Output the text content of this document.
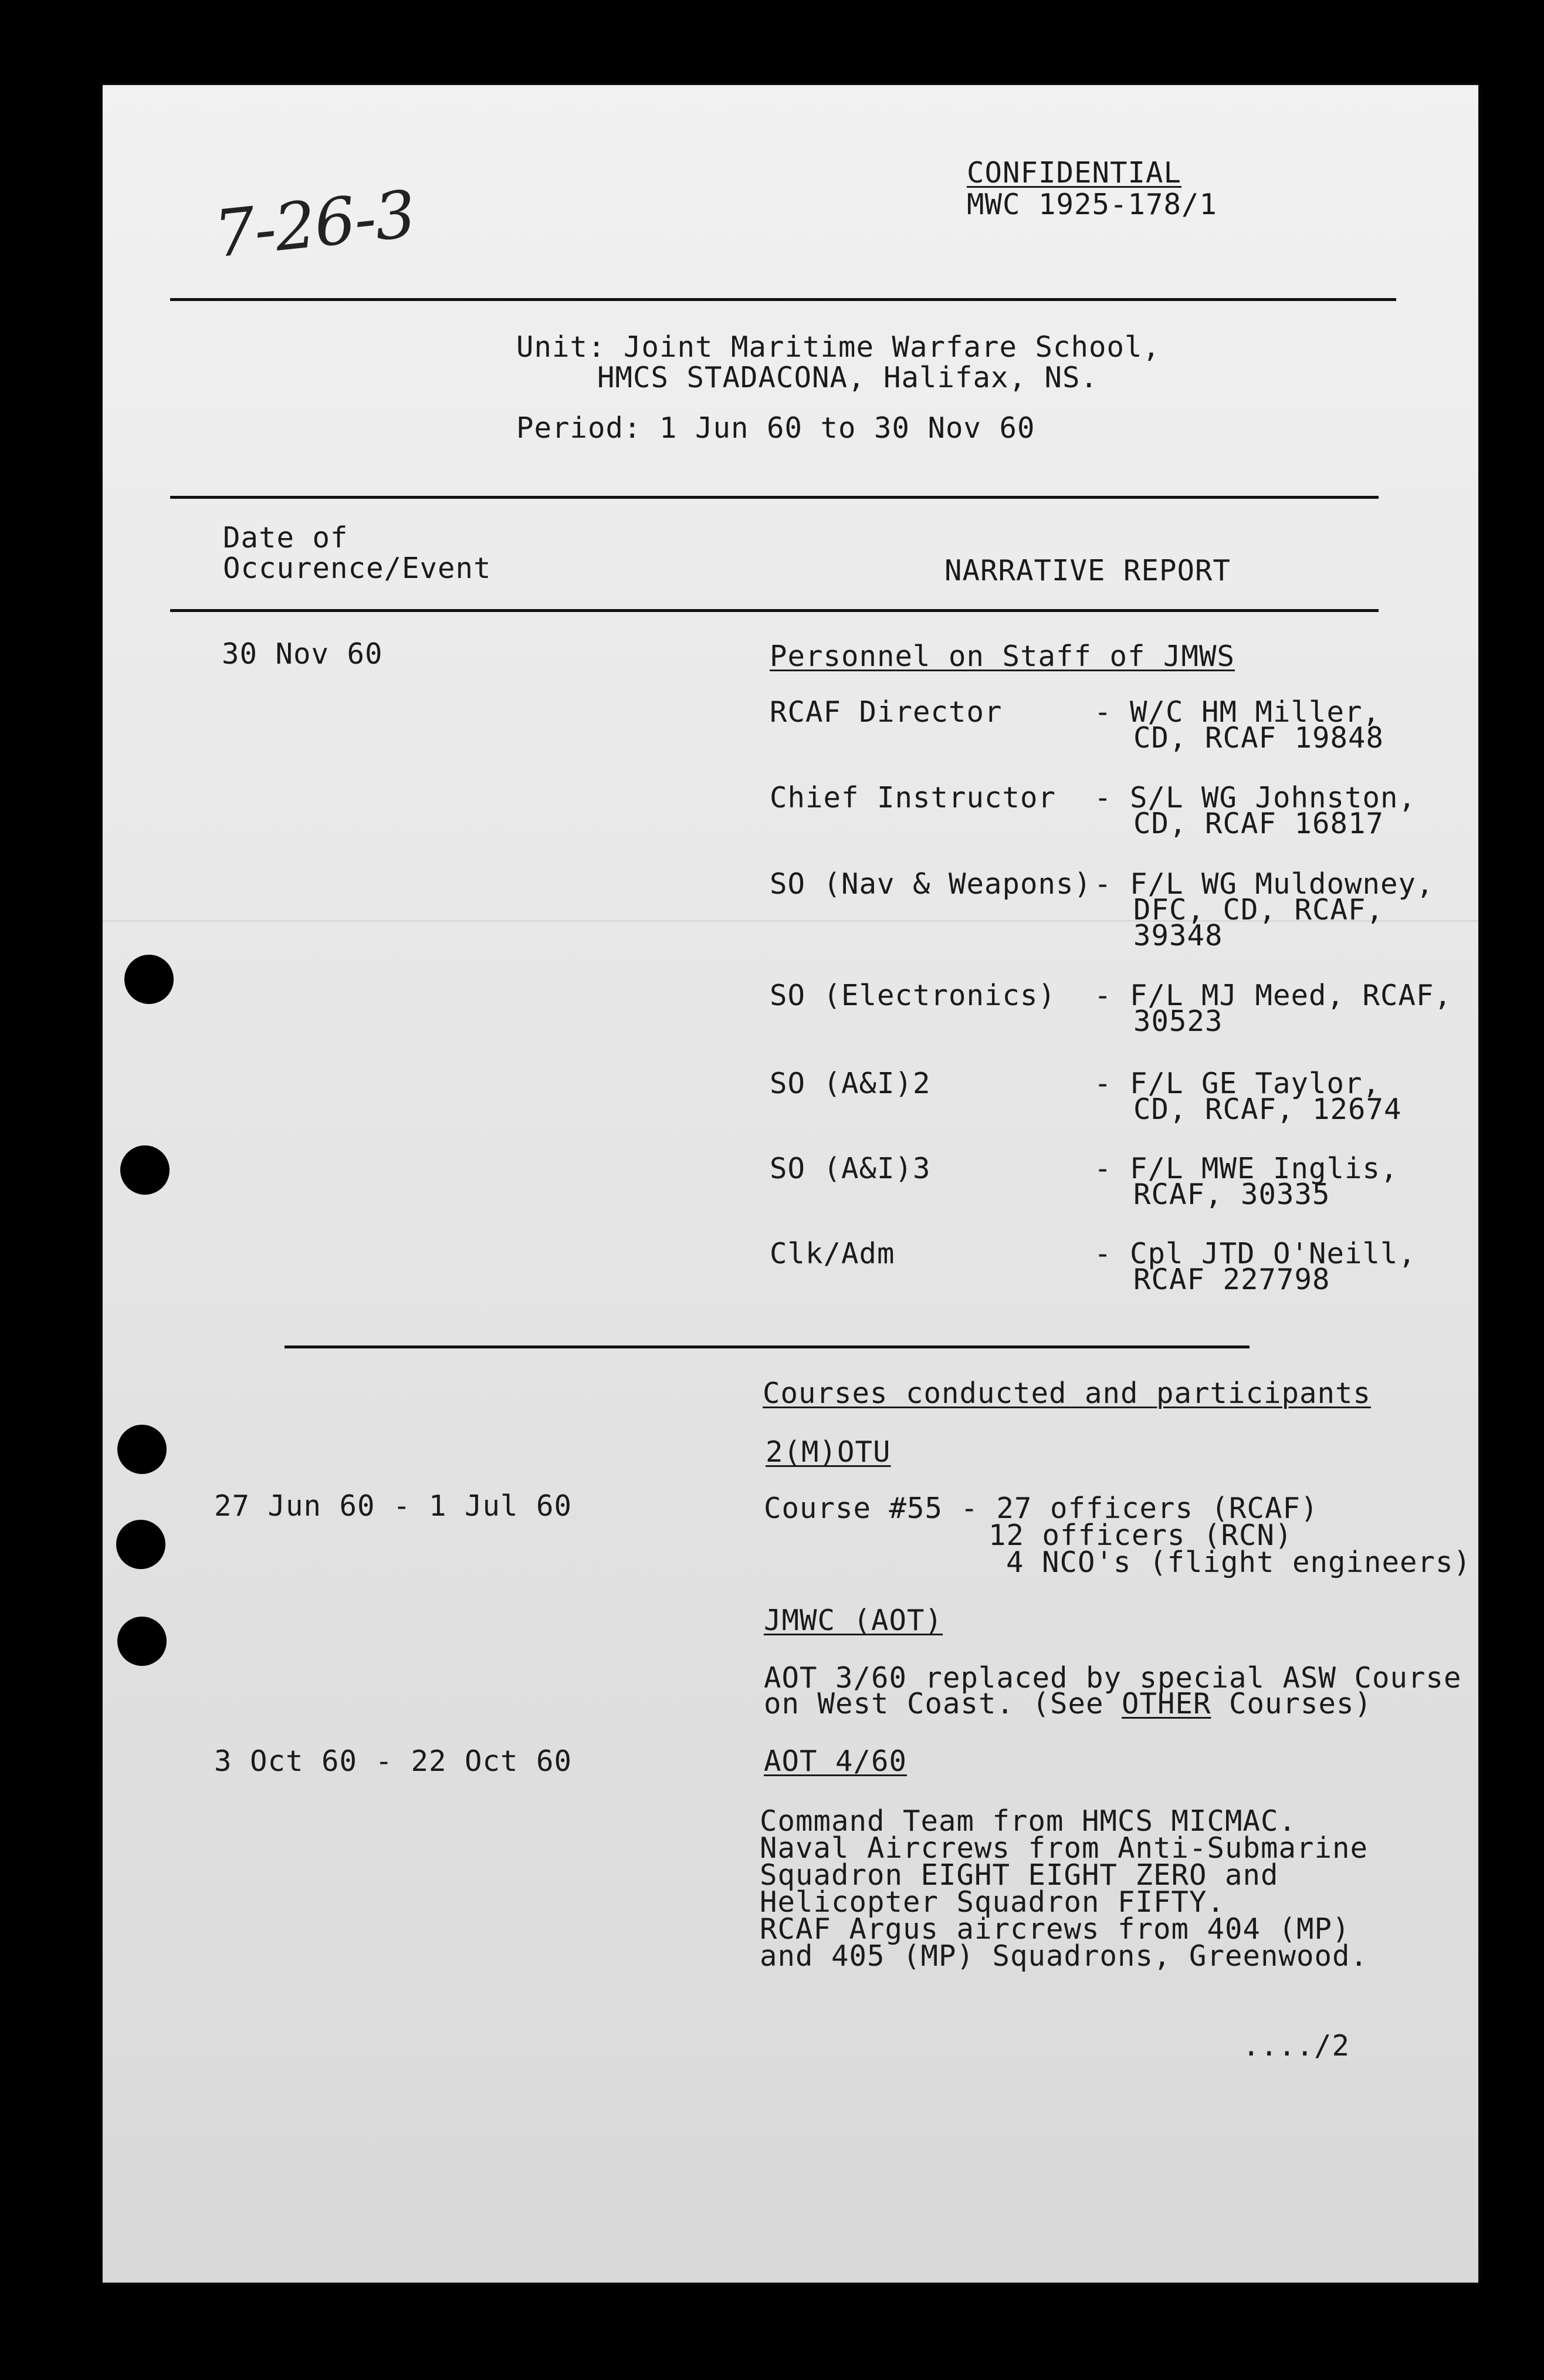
7-26-3
CONFIDENTIAL
MWC 1925-178/1
Unit: Joint Maritime Warfare School,
HMCS STADACONA, Halifax, NS.
Period: 1 Jun 60 to 30 Nov 60
Date of
Occurence/Event	NARRATIVE REPORT
30 Nov 60	Personnel on Staff of JMWS
RCAF Director	- W/C HM Miller,
CD, RCAF 19848
Chief Instructor - S/L WG Johnston,
CD, RCAF 16817
SO (Nav & Weapons) - F/L WG Muldowney,
DFC, CD, RCAF,
39348
SO (Electronics) - F/L MJ Meed, RCAF,
30523
SO (A&I)2	- F/L GE Taylor,
CD, RCAF, 12674
SO (A&I)3	- F/L MWE Inglis,
RCAF, 30335
Clk/Adm	- Cpl JTD O'Neill,
RCAF 227798
Courses conducted and participants
2(M)OTU
27 Jun 60 - 1 Jul 60	Course #55 - 27 officers (RCAF)
12 officers (RCN)
4 NCO's (flight engineers)
JMWC (AOT)
AOT 3/60 replaced by special ASW Course
on West Coast. (See OTHER Courses)
3 Oct 60 - 22 Oct 60	AOT 4/60
Command Team from HMCS MICMAC.
Naval Aircrews from Anti-Submarine
Squadron EIGHT EIGHT ZERO and
Helicopter Squadron FIFTY.
RCAF Argus aircrews from 404 (MP)
and 405 (MP) Squadrons, Greenwood.
..../2
